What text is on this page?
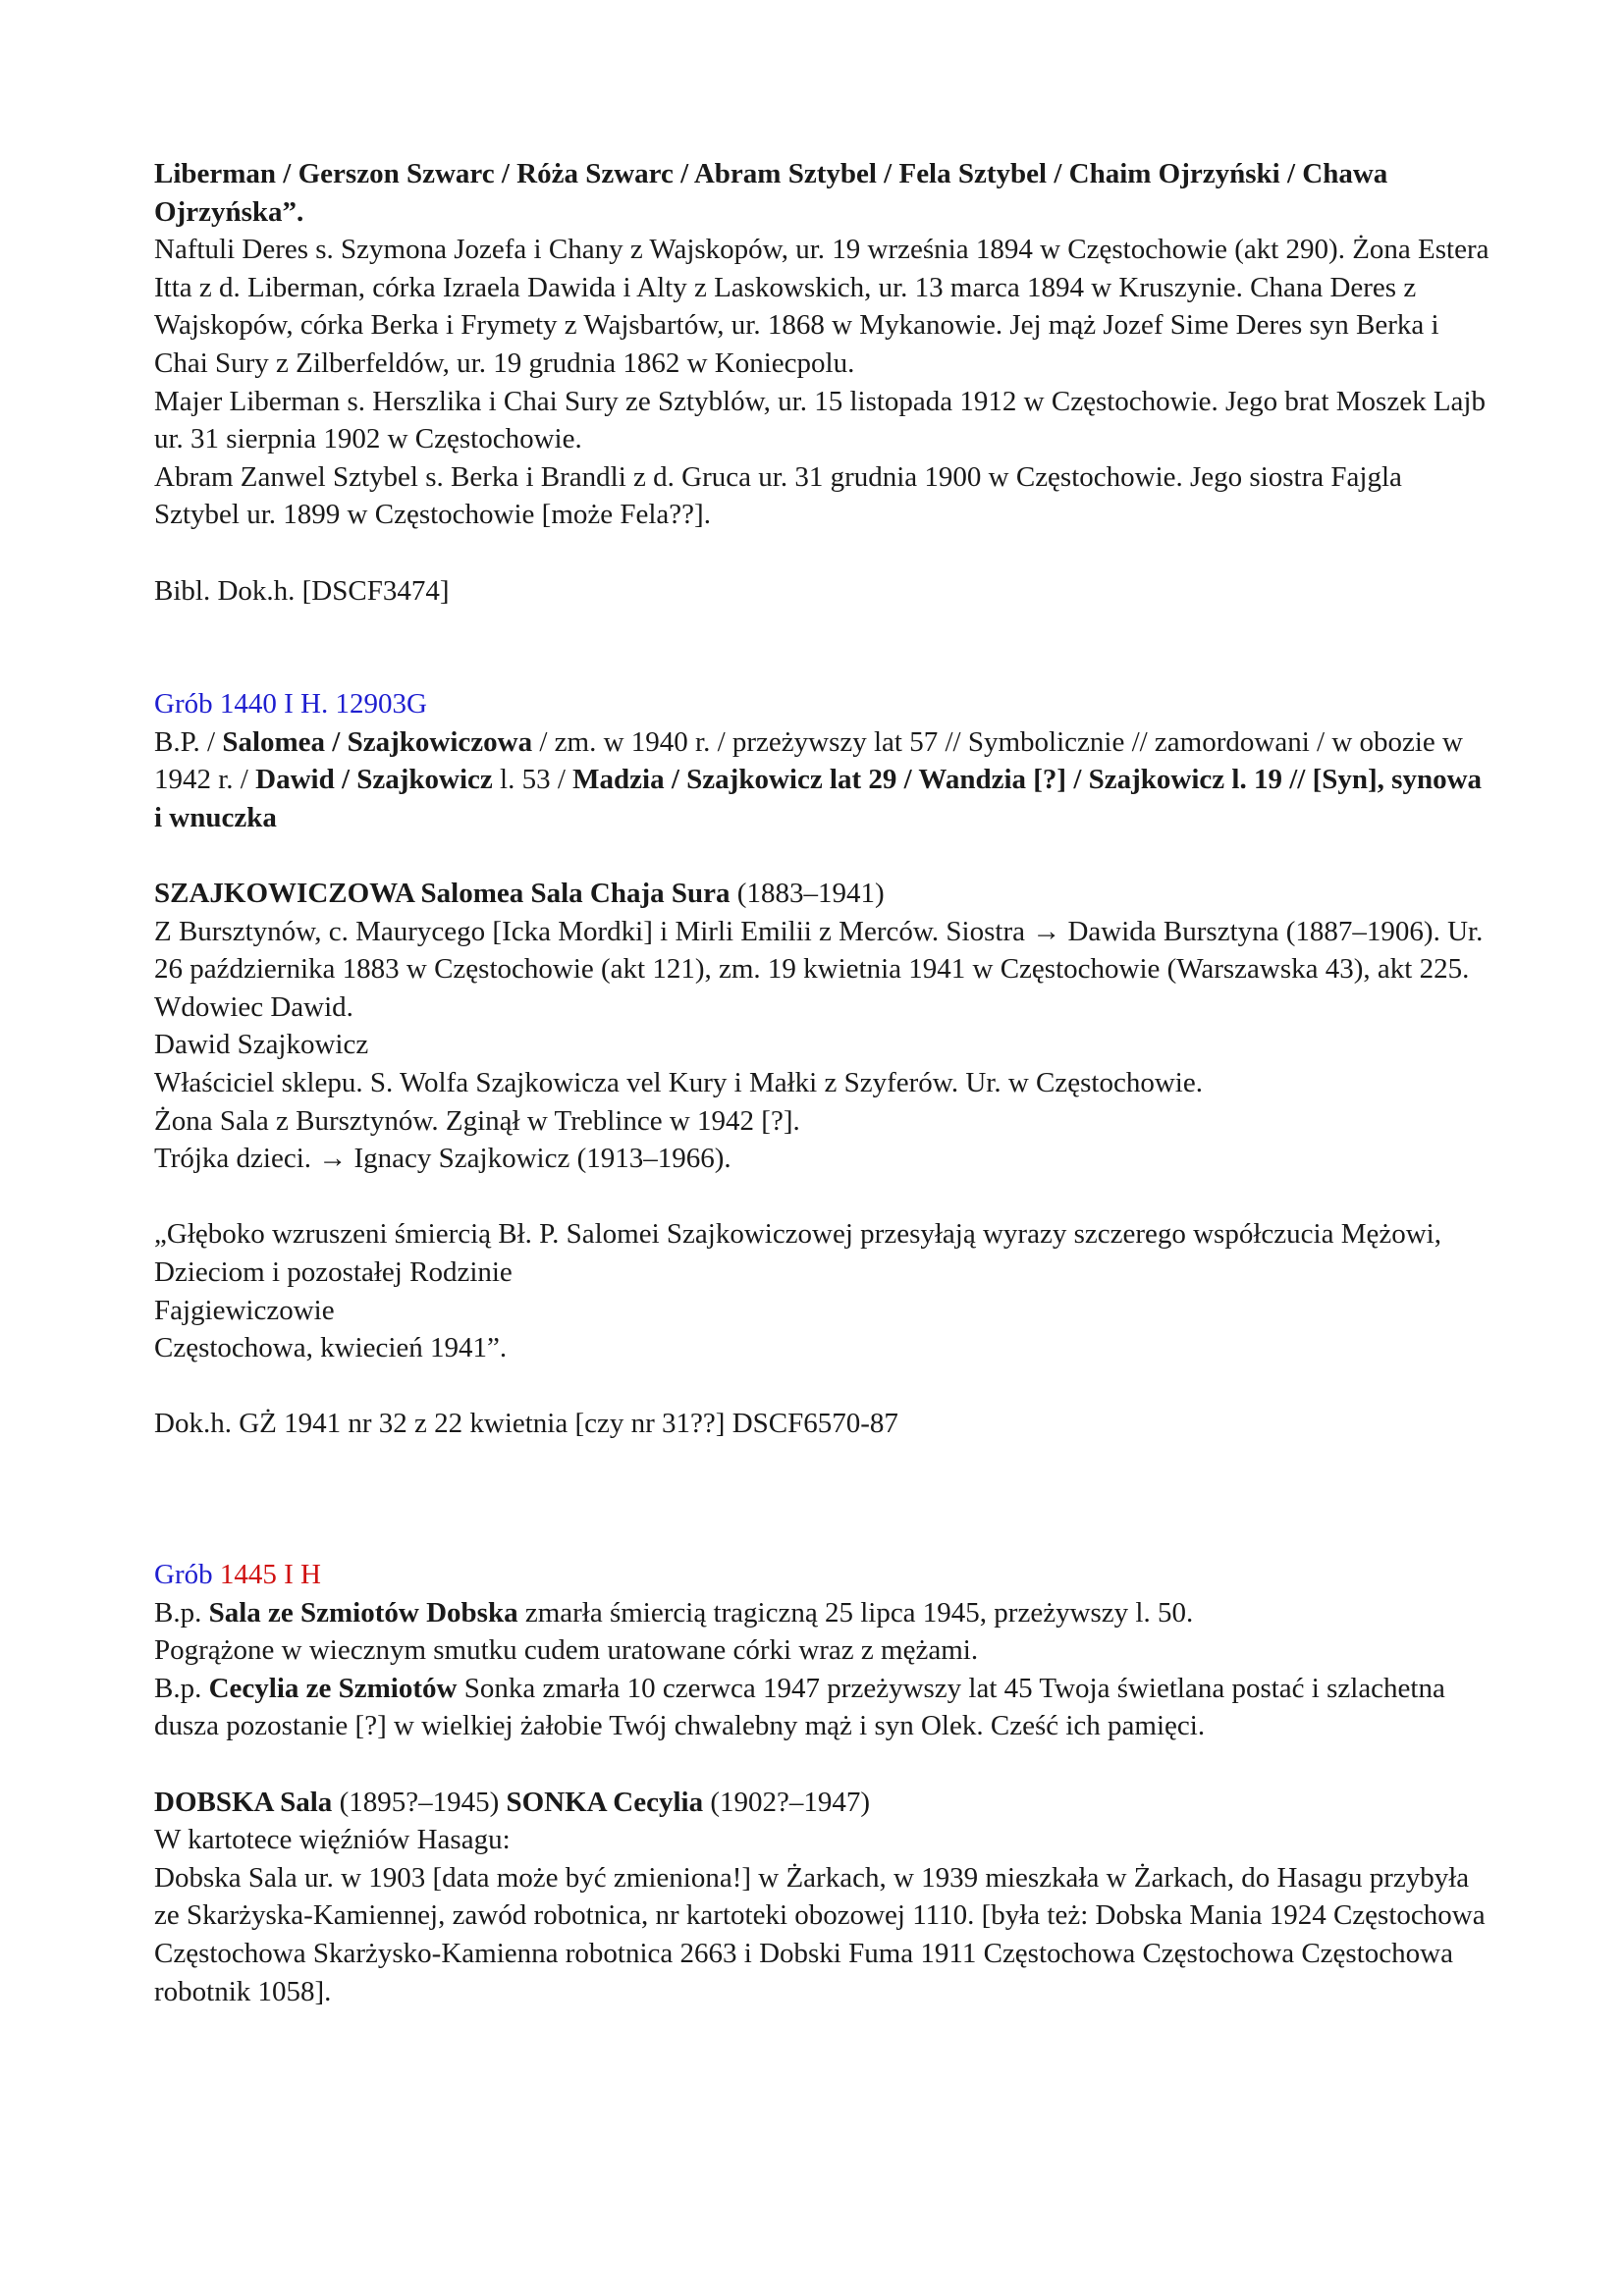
Liberman / Gerszon Szwarc / Róża Szwarc / Abram Sztybel / Fela Sztybel / Chaim Ojrzyński / Chawa Ojrzyńska”.

Naftuli Deres s. Szymona Jozefa i Chany z Wajskopów, ur. 19 września 1894 w Częstochowie (akt 290). Żona Estera Itta z d. Liberman, córka Izraela Dawida i Alty z Laskowskich, ur. 13 marca 1894 w Kruszynie. Chana Deres z Wajskopów, córka Berka i Frymety z Wajsbartów, ur. 1868 w Mykanowie. Jej mąż Jozef Sime Deres syn Berka i Chai Sury z Zilberfeldów, ur. 19 grudnia 1862 w Koniecpolu.

Majer Liberman s. Herszlika i Chai Sury ze Sztyblów, ur. 15 listopada 1912 w Częstochowie. Jego brat Moszek Lajb ur. 31 sierpnia 1902 w Częstochowie.

Abram Zanwel Sztybel s. Berka i Brandli z d. Gruca ur. 31 grudnia 1900 w Częstochowie. Jego siostra Fajgla Sztybel ur. 1899 w Częstochowie [może Fela??].

Bibl. Dok.h. [DSCF3474]

Grób 1440 I H. 12903G

B.P. / Salomea / Szajkowiczowa / zm. w 1940 r. / przeżywszy lat 57 // Symbolicznie // zamordowani / w obozie w 1942 r. / Dawid / Szajkowicz l. 53 / Madzia / Szajkowicz lat 29 / Wandzia [?] / Szajkowicz l. 19 // [Syn], synowa i wnuczka

SZAJKOWICZOWA Salomea Sala Chaja Sura (1883–1941)

Z Bursztynów, c. Maurycego [Icka Mordki] i Mirli Emilii z Merców. Siostra → Dawida Bursztyna (1887–1906). Ur. 26 października 1883 w Częstochowie (akt 121), zm. 19 kwietnia 1941 w Częstochowie (Warszawska 43), akt 225.

Wdowiec Dawid.

Dawid Szajkowicz

Właściciel sklepu. S. Wolfa Szajkowicza vel Kury i Małki z Szyferów. Ur. w Częstochowie.

Żona Sala z Bursztynów. Zginął w Treblince w 1942 [?].

Trójka dzieci. → Ignacy Szajkowicz (1913–1966).

„Głęboko wzruszeni śmiercią Bł. P. Salomei Szajkowiczowej przesyłają wyrazy szczerego współczucia Mężowi, Dzieciom i pozostałej Rodzinie

Fajgiewiczowie

Częstochowa, kwiecień 1941”.

Dok.h. GŻ 1941 nr 32 z 22 kwietnia [czy nr 31??] DSCF6570-87

Grób 1445 I H

B.p. Sala ze Szmiotów Dobska zmarła śmiercią tragiczną 25 lipca 1945, przeżywszy l. 50.

Pogrążone w wiecznym smutku cudem uratowane córki wraz z mężami.

B.p. Cecylia ze Szmiotów Sonka zmarła 10 czerwca 1947 przeżywszy lat 45 Twoja świetlana postać i szlachetna dusza pozostanie [?] w wielkiej żałobie Twój chwalebny mąż i syn Olek. Cześć ich pamięci.

DOBSKA Sala (1895?–1945) SONKA Cecylia (1902?–1947)

W kartotece więźniów Hasagu:

Dobska Sala ur. w 1903 [data może być zmieniona!] w Żarkach, w 1939 mieszkała w Żarkach, do Hasagu przybyła ze Skarżyska-Kamiennej, zawód robotnica, nr kartoteki obozowej 1110. [była też: Dobska Mania 1924 Częstochowa Częstochowa Skarżysko-Kamienna robotnica 2663 i Dobski Fuma 1911 Częstochowa Częstochowa Częstochowa robotnik 1058].
